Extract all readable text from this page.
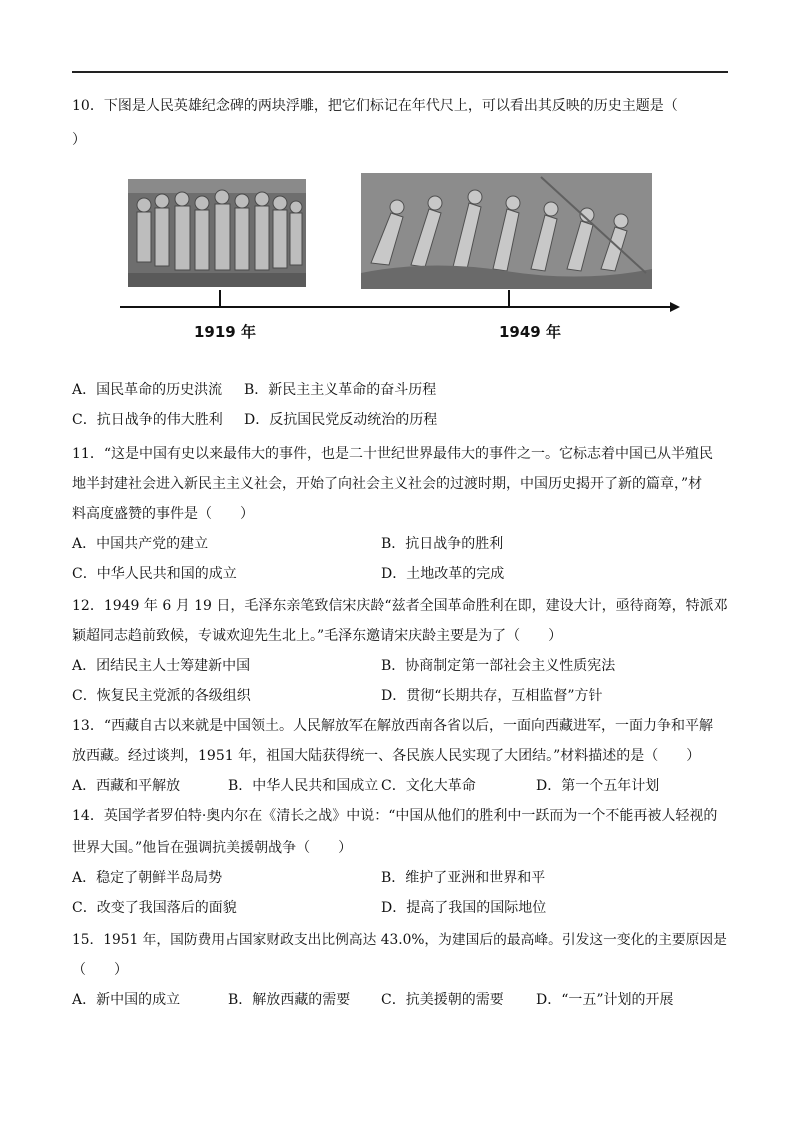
10．下图是人民英雄纪念碑的两块浮雕，把它们标记在年代尺上，可以看出其反映的历史主题是（
）
1919 年	1949 年
A．国民革命的历史洪流 B．新民主主义革命的奋斗历程
C．抗日战争的伟大胜利 D．反抗国民党反动统治的历程
11．“这是中国有史以来最伟大的事件，也是二十世纪世界最伟大的事件之一。它标志着中国已从半殖民
地半封建社会进入新民主主义社会，开始了向社会主义社会的过渡时期，中国历史揭开了新的篇章，”材
料高度盛赞的事件是（　　）
A．中国共产党的建立	B．抗日战争的胜利
C．中华人民共和国的成立	D．土地改革的完成
12．1949 年 6 月 19 日，毛泽东亲笔致信宋庆龄“兹者全国革命胜利在即，建设大计，亟待商筹，特派邓
颖超同志趋前致候，专诚欢迎先生北上。”毛泽东邀请宋庆龄主要是为了（　　）
A．团结民主人士筹建新中国	B．协商制定第一部社会主义性质宪法
C．恢复民主党派的各级组织	D．贯彻“长期共存，互相监督”方针
13．“西藏自古以来就是中国领土。人民解放军在解放西南各省以后，一面向西藏进军，一面力争和平解
放西藏。经过谈判，1951 年，祖国大陆获得统一、各民族人民实现了大团结。”材料描述的是（　　）
A．西藏和平解放	B．中华人民共和国成立 C．文化大革命	D．第一个五年计划
14．英国学者罗伯特·奥内尔在《清长之战》中说：“中国从他们的胜利中一跃而为一个不能再被人轻视的
世界大国。”他旨在强调抗美援朝战争（　　）
A．稳定了朝鲜半岛局势	B．维护了亚洲和世界和平
C．改变了我国落后的面貌	D．提高了我国的国际地位
15．1951 年，国防费用占国家财政支出比例高达 43.0%，为建国后的最高峰。引发这一变化的主要原因是
（　　）
A．新中国的成立	B．解放西藏的需要 C．抗美援朝的需要 D．“一五”计划的开展
